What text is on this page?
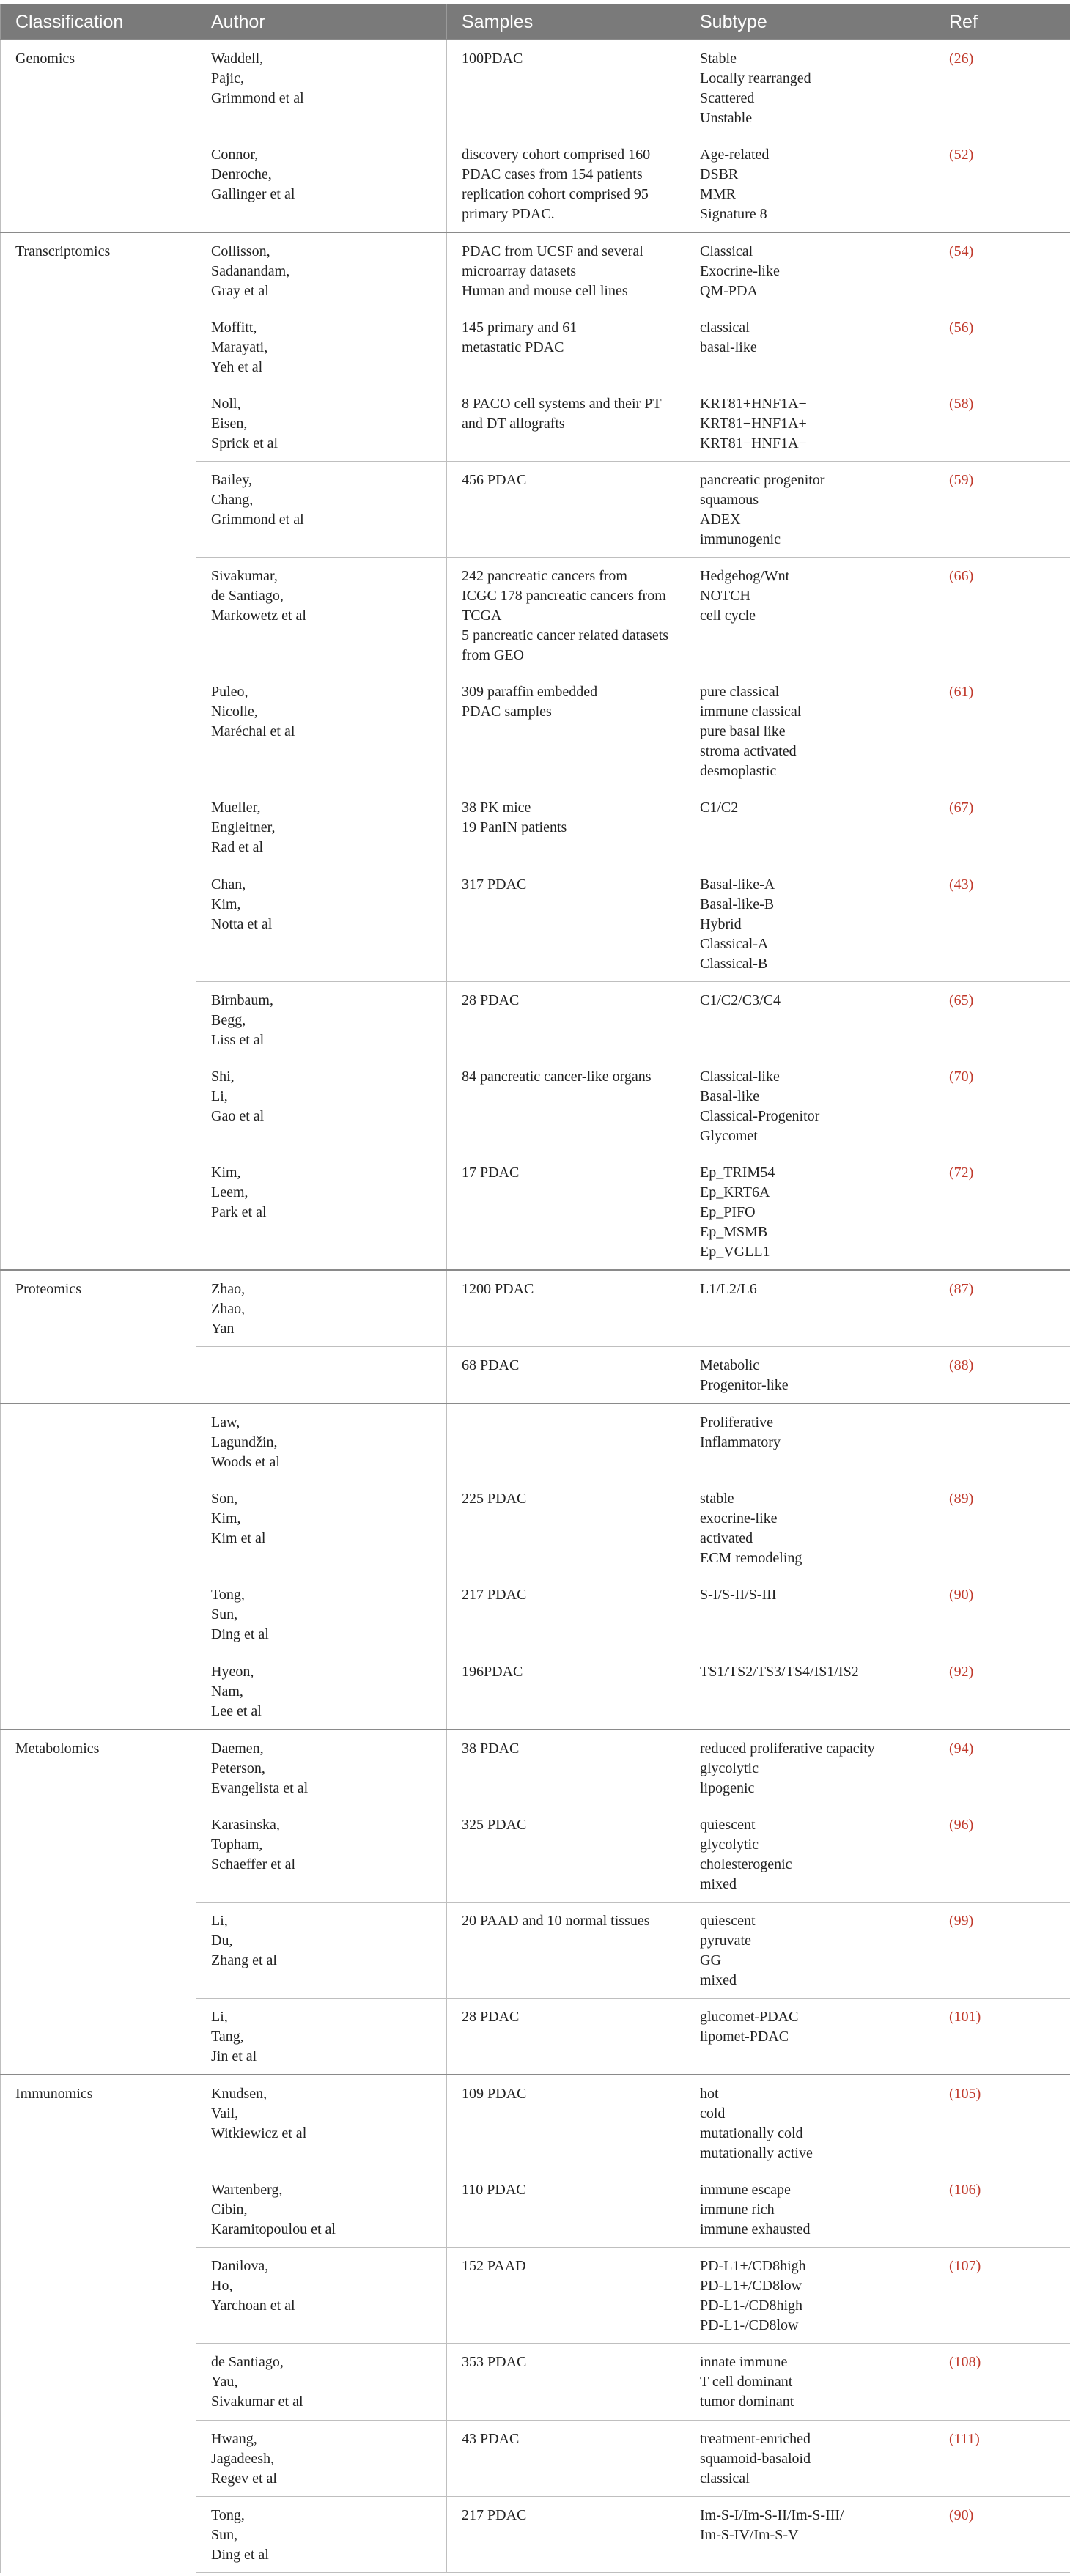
Classification	Author	Samples	Subtype	Ref
Genomics	Waddell,
Pajic,
Grimmond et al	100PDAC	Stable
Locally rearranged
Scattered
Unstable	(26)

	Connor,
Denroche,
Gallinger et al	discovery cohort comprised 160
PDAC cases from 154 patients
replication cohort comprised 95
primary PDAC.	Age-related
DSBR
MMR
Signature 8	(52)
Transcriptomics	Collisson,
Sadanandam,
Gray et al	PDAC from UCSF and several
microarray datasets
Human and mouse cell lines	Classical
Exocrine-like
QM-PDA	(54)

	Moffitt,
Marayati,
Yeh et al	145 primary and 61
metastatic PDAC	classical
basal-like	(56)

	Noll,
Eisen,
Sprick et al	8 PACO cell systems and their PT
and DT allografts	KRT81+HNF1A−
KRT81−HNF1A+
KRT81−HNF1A−	(58)

	Bailey,
Chang,
Grimmond et al	456 PDAC	pancreatic progenitor
squamous
ADEX
immunogenic	(59)

	Sivakumar,
de Santiago,
Markowetz et al	242 pancreatic cancers from
ICGC 178 pancreatic cancers from
TCGA
5 pancreatic cancer related datasets
from GEO	Hedgehog/Wnt
NOTCH
cell cycle	(66)

	Puleo,
Nicolle,
Maréchal et al	309 paraffin embedded
PDAC samples	pure classical
immune classical
pure basal like
stroma activated
desmoplastic	(61)

	Mueller,
Engleitner,
Rad et al	38 PK mice
19 PanIN patients	C1/C2	(67)

	Chan,
Kim,
Notta et al	317 PDAC	Basal-like-A
Basal-like-B
Hybrid
Classical-A
Classical-B	(43)

	Birnbaum,
Begg,
Liss et al	28 PDAC	C1/C2/C3/C4	(65)

	Shi,
Li,
Gao et al	84 pancreatic cancer-like organs	Classical-like
Basal-like
Classical-Progenitor
Glycomet	(70)

	Kim,
Leem,
Park et al	17 PDAC	Ep_TRIM54
Ep_KRT6A
Ep_PIFO
Ep_MSMB
Ep_VGLL1	(72)
Proteomics	Zhao,
Zhao,
Yan	1200 PDAC	L1/L2/L6	(87)

		68 PDAC	Metabolic
Progenitor-like	(88)

	Law,
Lagundžin,
Woods et al		Proliferative
Inflammatory	

	Son,
Kim,
Kim et al	225 PDAC	stable
exocrine-like
activated
ECM remodeling	(89)

	Tong,
Sun,
Ding et al	217 PDAC	S-I/S-II/S-III	(90)

	Hyeon,
Nam,
Lee et al	196PDAC	TS1/TS2/TS3/TS4/IS1/IS2	(92)
Metabolomics	Daemen,
Peterson,
Evangelista et al	38 PDAC	reduced proliferative capacity
glycolytic
lipogenic	(94)

	Karasinska,
Topham,
Schaeffer et al	325 PDAC	quiescent
glycolytic
cholesterogenic
mixed	(96)

	Li,
Du,
Zhang et al	20 PAAD and 10 normal tissues	quiescent
pyruvate
GG
mixed	(99)

	Li,
Tang,
Jin et al	28 PDAC	glucomet-PDAC
lipomet-PDAC	(101)
Immunomics	Knudsen,
Vail,
Witkiewicz et al	109 PDAC	hot
cold
mutationally cold
mutationally active	(105)

	Wartenberg,
Cibin,
Karamitopoulou et al	110 PDAC	immune escape
immune rich
immune exhausted	(106)

	Danilova,
Ho,
Yarchoan et al	152 PAAD	PD-L1+/CD8high
PD-L1+/CD8low
PD-L1-/CD8high
PD-L1-/CD8low	(107)

	de Santiago,
Yau,
Sivakumar et al	353 PDAC	innate immune
T cell dominant
tumor dominant	(108)

	Hwang,
Jagadeesh,
Regev et al	43 PDAC	treatment-enriched
squamoid-basaloid
classical	(111)

	Tong,
Sun,
Ding et al	217 PDAC	Im-S-I/Im-S-II/Im-S-III/
Im-S-IV/Im-S-V	(90)
